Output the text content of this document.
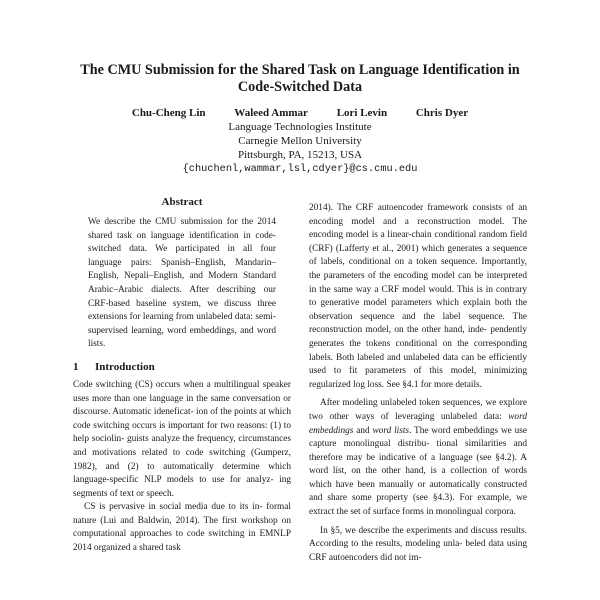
The CMU Submission for the Shared Task on Language Identification in
Code-Switched Data
Chu-Cheng Lin	Waleed Ammar	Lori Levin	Chris Dyer
Language Technologies Institute
Carnegie Mellon University
Pittsburgh, PA, 15213, USA
{chuchenl,wammar,lsl,cdyer}@cs.cmu.edu
Abstract

We describe the CMU submission for the 2014 shared task on language identification in code-switched data. We participated in all four language pairs: Spanish–English, Mandarin–English, Nepali–English, and Modern Standard Arabic–Arabic dialects. After describing our CRF-based baseline system, we discuss three extensions for learning from unlabeled data: semi-supervised learning, word embeddings, and word lists.

1 Introduction

Code switching (CS) occurs when a multilingual speaker uses more than one language in the same conversation or discourse. Automatic ideneficat- ion of the points at which code switching occurs is important for two reasons: (1) to help sociolin- guists analyze the frequency, circumstances and motivations related to code switching (Gumperz, 1982), and (2) to automatically determine which language-specific NLP models to use for analyz- ing segments of text or speech.

CS is pervasive in social media due to its in- formal nature (Lui and Baldwin, 2014). The first workshop on computational approaches to code switching in EMNLP 2014 organized a shared task

2014). The CRF autoencoder framework consists of an encoding model and a reconstruction model. The encoding model is a linear-chain conditional random field (CRF) (Lafferty et al., 2001) which generates a sequence of labels, conditional on a token sequence. Importantly, the parameters of the encoding model can be interpreted in the same way a CRF model would. This is in contrary to generative model parameters which explain both the observation sequence and the label sequence. The reconstruction model, on the other hand, inde- pendently generates the tokens conditional on the corresponding labels. Both labeled and unlabeled data can be efficiently used to fit parameters of this model, minimizing regularized log loss. See §4.1 for more details.

After modeling unlabeled token sequences, we explore two other ways of leveraging unlabeled data: word embeddings and word lists. The word embeddings we use capture monolingual distribu- tional similarities and therefore may be indicative of a language (see §4.2). A word list, on the other hand, is a collection of words which have been manually or automatically constructed and share some property (see §4.3). For example, we extract the set of surface forms in monolingual corpora.

In §5, we describe the experiments and discuss results. According to the results, modeling unla- beled data using CRF autoencoders did not im-
